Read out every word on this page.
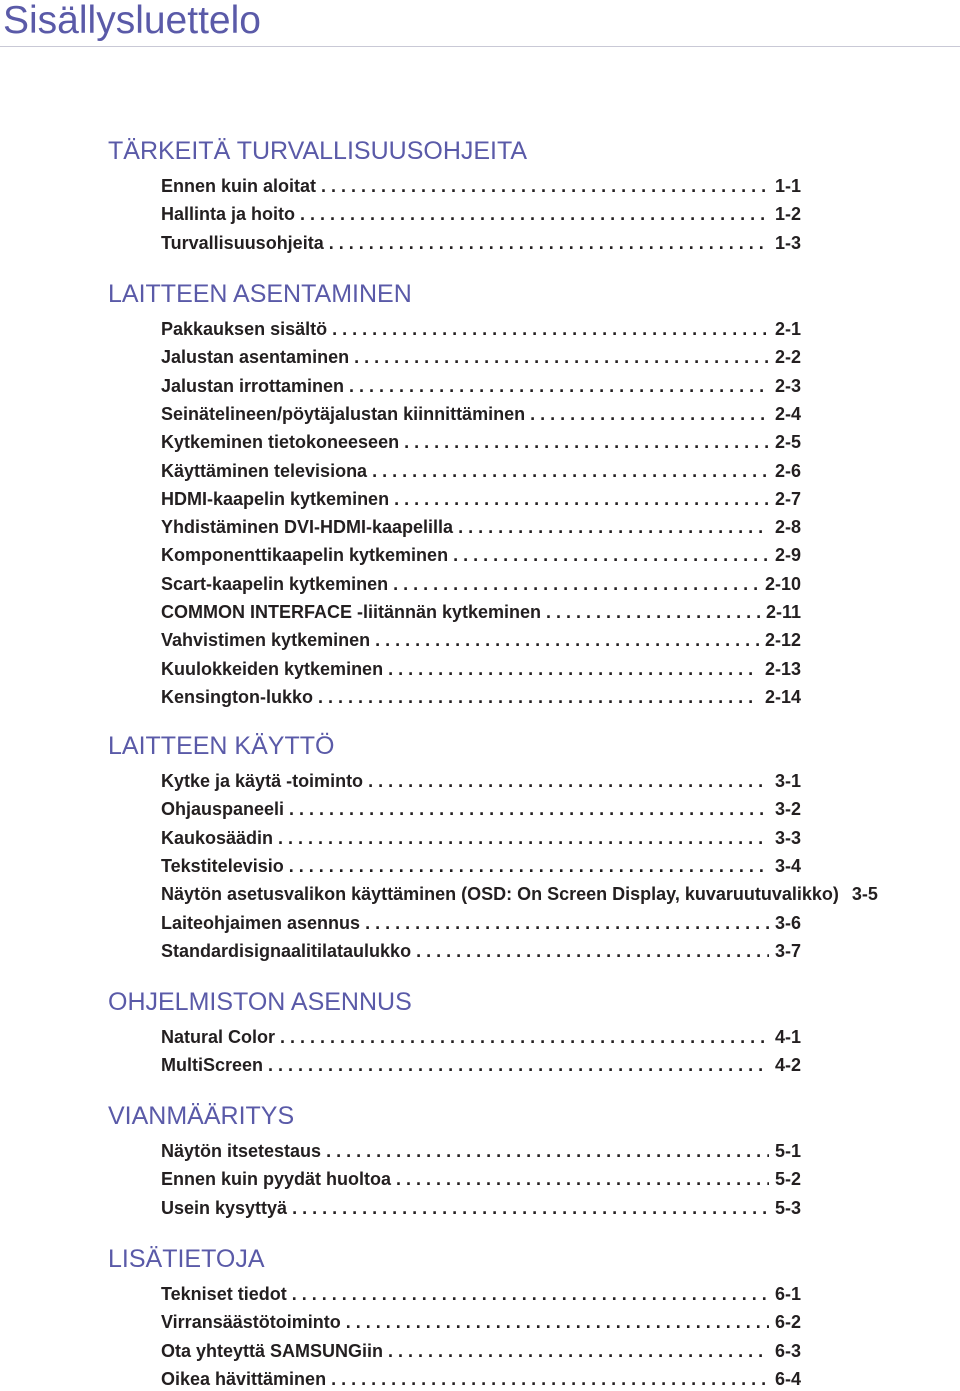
Sisällysluettelo
TÄRKEITÄ TURVALLISUUSOHJEITA
Ennen kuin aloitat . . .	1-1
Hallinta ja hoito . . .	1-2
Turvallisuusohjeita . . .	1-3
LAITTEEN ASENTAMINEN
Pakkauksen sisältö . . .	2-1
Jalustan asentaminen . . .	2-2
Jalustan irrottaminen . . .	2-3
Seinätelineen/pöytäjalustan kiinnittäminen . . .	2-4
Kytkeminen tietokoneeseen . . .	2-5
Käyttäminen televisiona . . .	2-6
HDMI-kaapelin kytkeminen . . .	2-7
Yhdistäminen DVI-HDMI-kaapelilla . . .	2-8
Komponenttikaapelin kytkeminen . . .	2-9
Scart-kaapelin kytkeminen . . .	2-10
COMMON INTERFACE -liitännän kytkeminen . . .	2-11
Vahvistimen kytkeminen . . .	2-12
Kuulokkeiden kytkeminen . . .	2-13
Kensington-lukko . . .	2-14
LAITTEEN KÄYTTÖ
Kytke ja käytä -toiminto . . .	3-1
Ohjauspaneeli . . .	3-2
Kaukosäädin . . .	3-3
Tekstitelevisio . . .	3-4
Näytön asetusvalikon käyttäminen (OSD: On Screen Display, kuvaruutuvalikko) 3-5
Laiteohjaimen asennus . . .	3-6
Standardisignaalitilataulukko . . .	3-7
OHJELMISTON ASENNUS
Natural Color . . .	4-1
MultiScreen . . .	4-2
VIANMÄÄRITYS
Näytön itsetestaus . . .	5-1
Ennen kuin pyydät huoltoa . . .	5-2
Usein kysyttyä . . .	5-3
LISÄTIETOJA
Tekniset tiedot . . .	6-1
Virransäästötoiminto . . .	6-2
Ota yhteyttä SAMSUNGiin . . .	6-3
Oikea hävittäminen . . .	6-4
